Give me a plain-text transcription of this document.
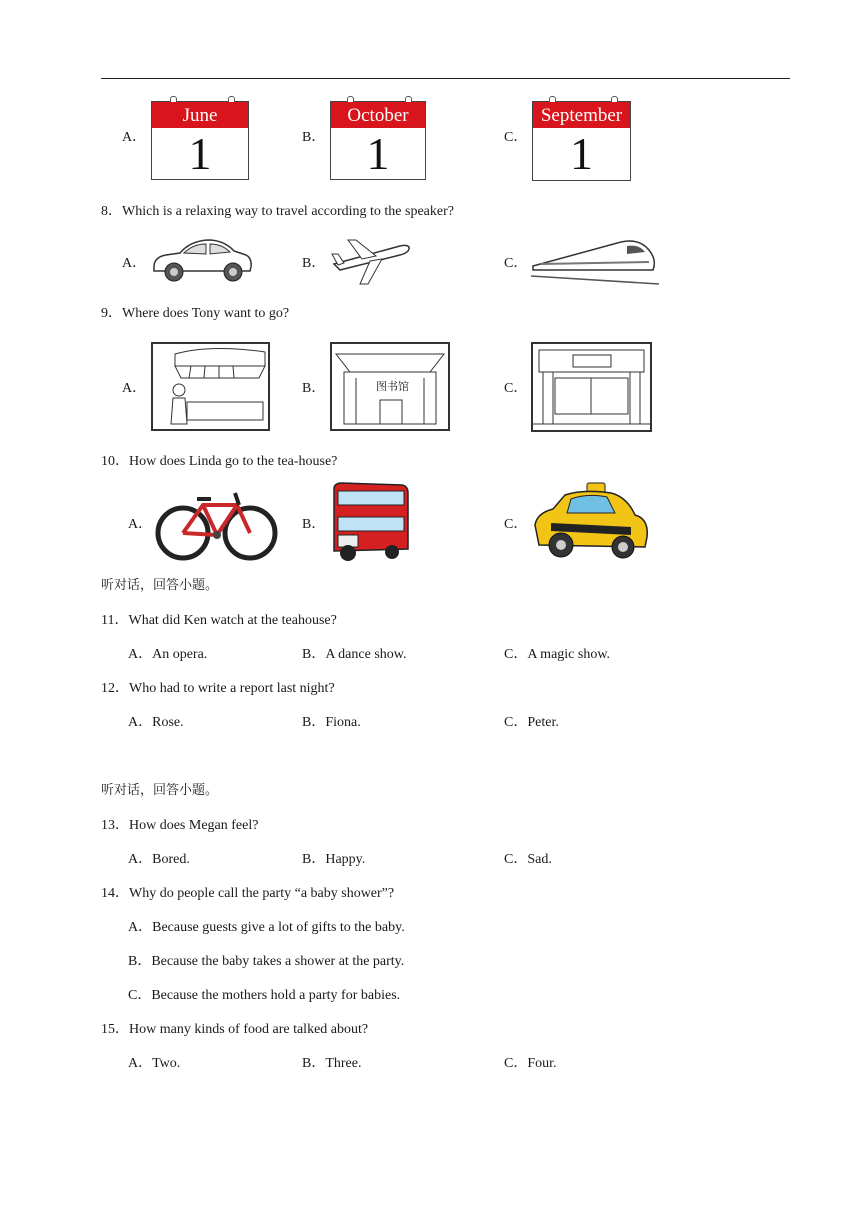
A．
June
1	B．
October
1	C．
September
1
8．Which is a relaxing way to travel according to the speaker?
A．	B．	C．
9．Where does Tony want to go?
A．	B．	图书馆	C．
10．How does Linda go to the tea-house?
A．	B．	C．
听对话，回答小题。
11．What did Ken watch at the teahouse?
A．An opera.	B．A dance show.	C．A magic show.
12．Who had to write a report last night?
A．Rose.	B．Fiona.	C．Peter.
听对话，回答小题。
13．How does Megan feel?
A．Bored.	B．Happy.	C．Sad.
14．Why do people call the party “a baby shower”?
A．Because guests give a lot of gifts to the baby.
B．Because the baby takes a shower at the party.
C．Because the mothers hold a party for babies.
15．How many kinds of food are talked about?
A．Two.	B．Three.	C．Four.
